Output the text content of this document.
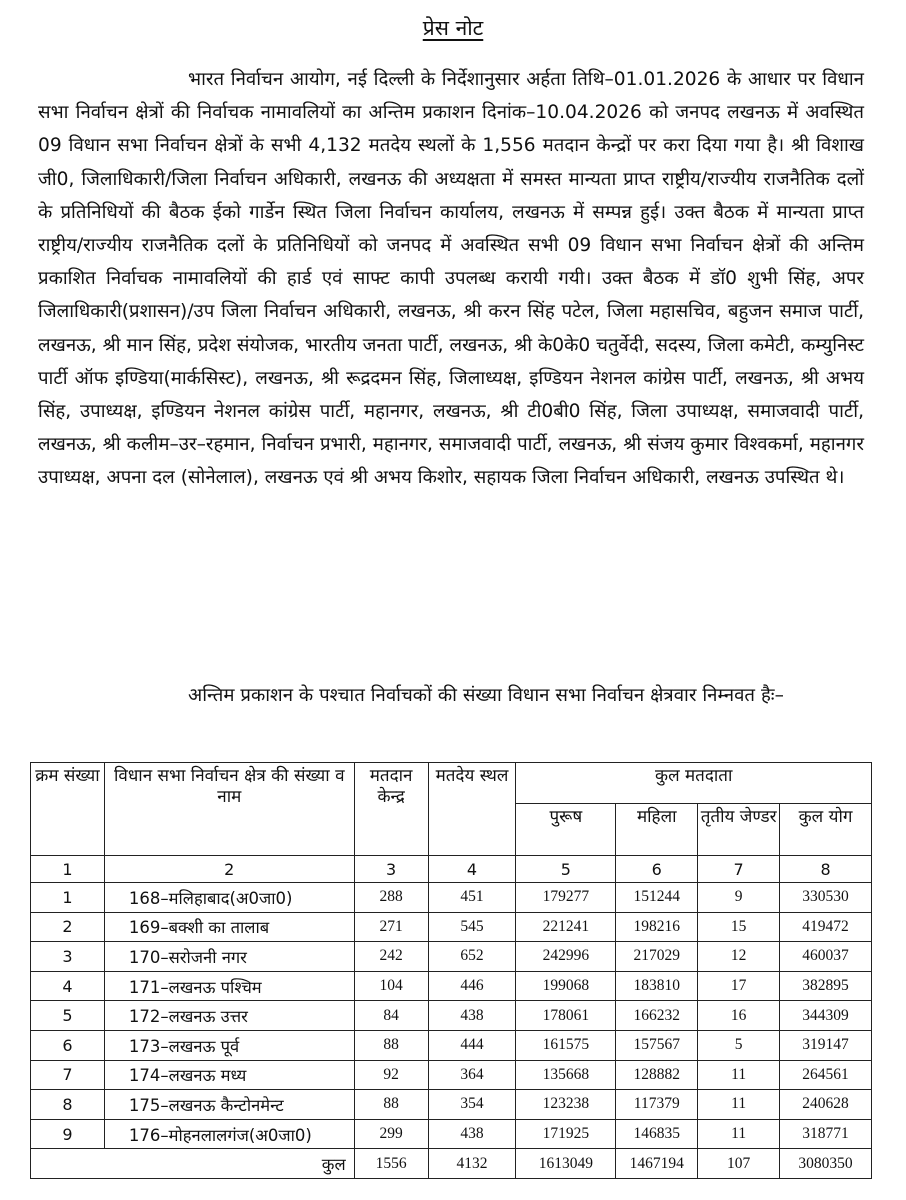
प्रेस नोट

भारत निर्वाचन आयोग, नई दिल्ली के निर्देशानुसार अर्हता तिथि–01.01.2026 के आधार पर विधान सभा निर्वाचन क्षेत्रों की निर्वाचक नामावलियों का अन्तिम प्रकाशन दिनांक–10.04.2026 को जनपद लखनऊ में अवस्थित 09 विधान सभा निर्वाचन क्षेत्रों के सभी 4,132 मतदेय स्थलों के 1,556 मतदान केन्द्रों पर करा दिया गया है। श्री विशाख जी0, जिलाधिकारी/जिला निर्वाचन अधिकारी, लखनऊ की अध्यक्षता में समस्त मान्यता प्राप्त राष्ट्रीय/राज्यीय राजनैतिक दलों के प्रतिनिधियों की बैठक ईको गार्डेन स्थित जिला निर्वाचन कार्यालय, लखनऊ में सम्पन्न हुई। उक्त बैठक में मान्यता प्राप्त राष्ट्रीय/राज्यीय राजनैतिक दलों के प्रतिनिधियों को जनपद में अवस्थित सभी 09 विधान सभा निर्वाचन क्षेत्रों की अन्तिम प्रकाशित निर्वाचक नामावलियों की हार्ड एवं साफ्ट कापी उपलब्ध करायी गयी। उक्त बैठक में डॉ0 शुभी सिंह, अपर जिलाधिकारी(प्रशासन)/उप जिला निर्वाचन अधिकारी, लखनऊ, श्री करन सिंह पटेल, जिला महासचिव, बहुजन समाज पार्टी, लखनऊ, श्री मान सिंह, प्रदेश संयोजक, भारतीय जनता पार्टी, लखनऊ, श्री के0के0 चतुर्वेदी, सदस्य, जिला कमेटी, कम्युनिस्ट पार्टी ऑफ इण्डिया(मार्कसिस्ट), लखनऊ, श्री रूद्रदमन सिंह, जिलाध्यक्ष, इण्डियन नेशनल कांग्रेस पार्टी, लखनऊ, श्री अभय सिंह, उपाध्यक्ष, इण्डियन नेशनल कांग्रेस पार्टी, महानगर, लखनऊ, श्री टी0बी0 सिंह, जिला उपाध्यक्ष, समाजवादी पार्टी, लखनऊ, श्री कलीम–उर–रहमान, निर्वाचन प्रभारी, महानगर, समाजवादी पार्टी, लखनऊ, श्री संजय कुमार विश्वकर्मा, महानगर उपाध्यक्ष, अपना दल (सोनेलाल), लखनऊ एवं श्री अभय किशोर, सहायक जिला निर्वाचन अधिकारी, लखनऊ उपस्थित थे।

अन्तिम प्रकाशन के पश्चात निर्वाचकों की संख्या विधान सभा निर्वाचन क्षेत्रवार निम्नवत हैः–

क्रम संख्या	विधान सभा निर्वाचन क्षेत्र की संख्या व नाम	मतदान केन्द्र	मतदेय स्थल	कुल मतदाता			
				पुरूष	महिला	तृतीय जेण्डर	कुल योग
1	2	3	4	5	6	7	8
1	168–मलिहाबाद(अ0जा0)	288	451	179277	151244	9	330530
2	169–बक्शी का तालाब	271	545	221241	198216	15	419472
3	170–सरोजनी नगर	242	652	242996	217029	12	460037
4	171–लखनऊ पश्चिम	104	446	199068	183810	17	382895
5	172–लखनऊ उत्तर	84	438	178061	166232	16	344309
6	173–लखनऊ पूर्व	88	444	161575	157567	5	319147
7	174–लखनऊ मध्य	92	364	135668	128882	11	264561
8	175–लखनऊ कैन्टोनमेन्ट	88	354	123238	117379	11	240628
9	176–मोहनलालगंज(अ0जा0)	299	438	171925	146835	11	318771
कुल		1556	4132	1613049	1467194	107	3080350
